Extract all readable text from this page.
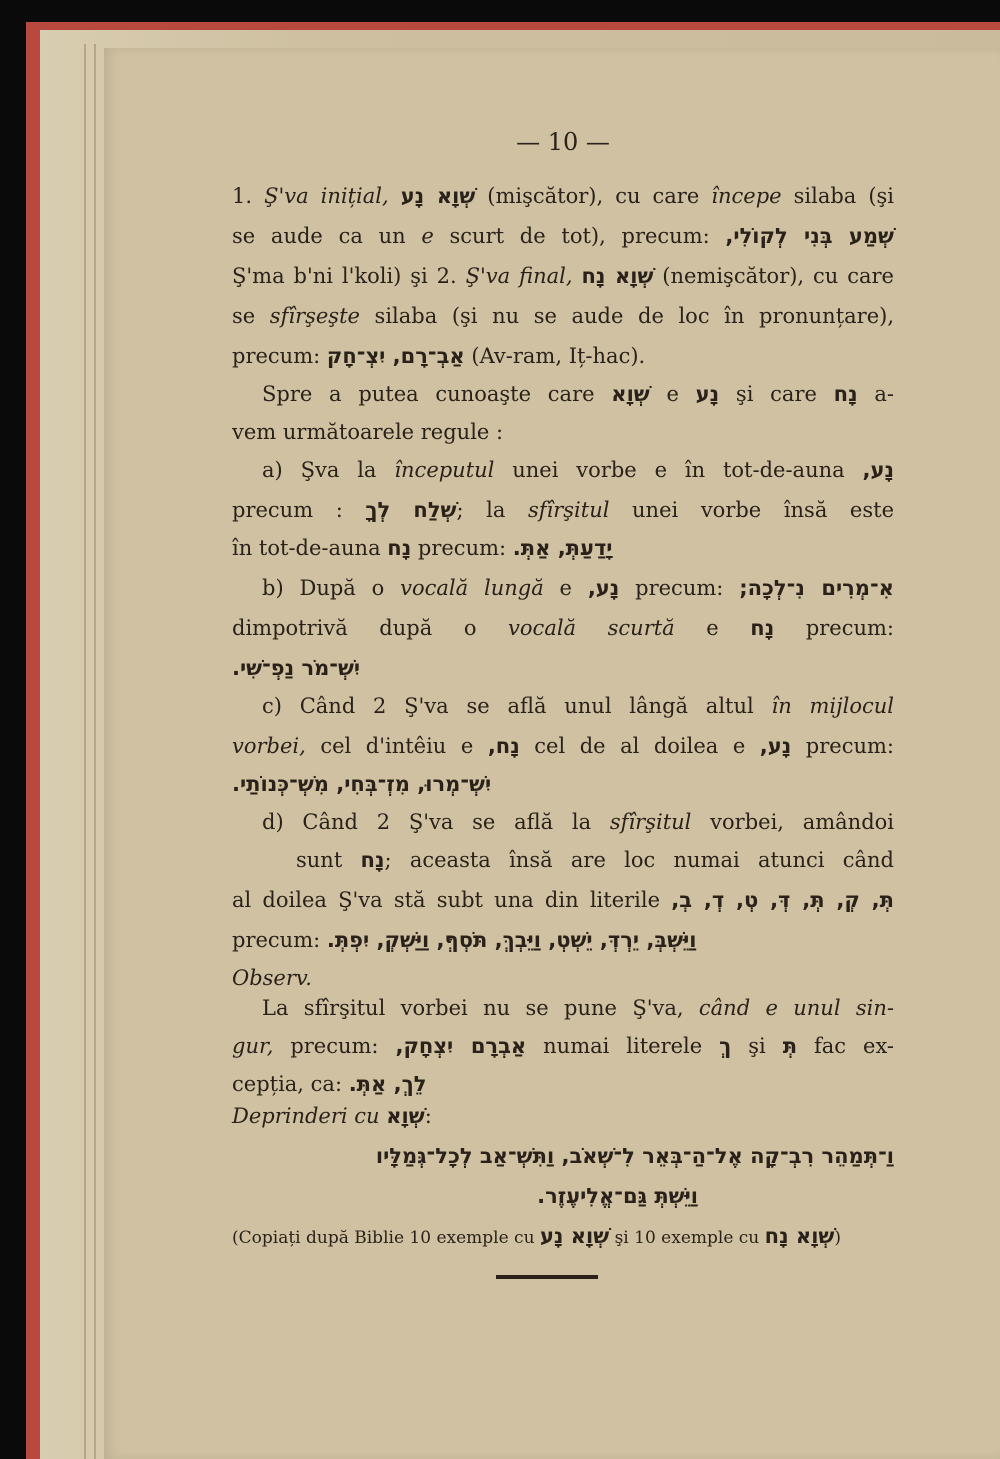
— 10 —
1. Ş'va inițial, שְׁוָא נָע (mişcător), cu care începe silaba (şi
se aude ca un e scurt de tot), precum: שְׁמַע בְּנִי לְקוֹלִי,
Ş'ma b'ni l'koli) şi 2. Ş'va final, שְׁוָא נָח (nemişcător), cu care
se sfîrşeşte silaba (şi nu se aude de loc în pronunțare),
precum: אַבְ־רָם, יִצְ־חָק (Av-ram, Iț-hac).
Spre a putea cunoaşte care שְׁוָא e נָע şi care נָח a-
vem următoarele regule :
a) Şva la începutul unei vorbe e în tot-de-auna נָע,
precum : שְׁלַח לְךָ; la sfîrşitul unei vorbe însă este
în tot-de-auna נָח precum: יָדַעַתְּ, אַתְּ.
b) După o vocală lungă e נָע, precum: אִ־מְרִים נִ־לְכָה;
dimpotrivă după o vocală scurtă e נָח precum:
יִשְׁ־מֹר נַפְ־שִׁי.
c) Când 2 Ş'va se află unul lângă altul în mijlocul
vorbei, cel d'intêiu e נָח, cel de al doilea e נָע, precum:
יִשְׁ־מְרוּ, מִזְ־בְּחִי, מִשְׁ־כְּנוֹתַי.
d) Când 2 Ş'va se află la sfîrşitul vorbei, amândoi
sunt נָח; aceasta însă are loc numai atunci când
al doilea Ş'va stă subt una din literile תְּ, קְ, תְּ, דְּ, טְ, דְ, בְ,
precum: וַיֵּשְׁבְּ, יֵרְדְּ, יֵשְׁטְ, וַיֵּבְךְּ, תֹּסְףְּ, וַיַּשְׁקְ, יִפְתְּ.
Observ.
La sfîrşitul vorbei nu se pune Ş'va, când e unul sin-
gur, precum: אַבְרָם יִצְחָק, numai literele ךְ şi תְּ fac ex-
cepția, ca: לֵךְ, אַתְּ.
Deprinderi cu שְׁוָא:
וַ־תְּמַהֵר רִבְ־קָה אֶל־הַ־בְּאֵר לִ־שְׁאֹב, וַתִּשְׁ־אַב לְכָל־גְּמַלָּיו
וַיֵּשְׁתְּ גַּם־אֱלִיעֶזֶר.
(Copiați după Biblie 10 exemple cu שְׁוָא נָע şi 10 exemple cu שְׁוָא נָח)
